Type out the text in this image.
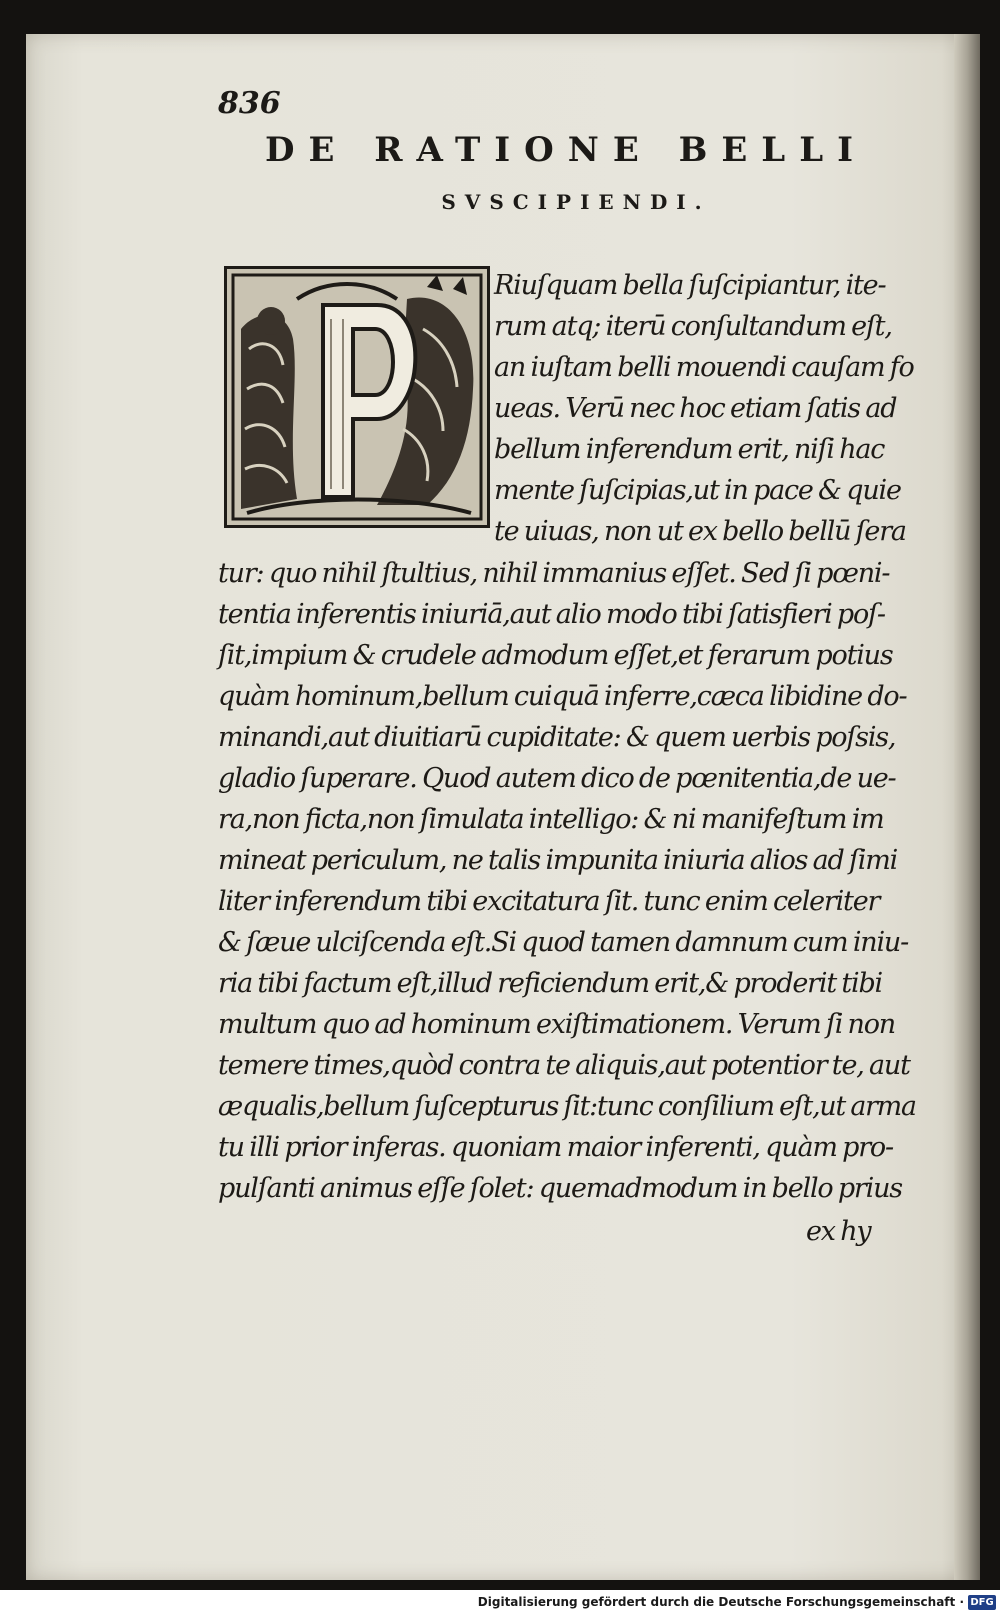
836

DE RATIONE BELLI
SVSCIPIENDI.
Riuſquam bella ſuſcipiantur, ite-
rum atq; iterū conſultandum eſt,
an iuſtam belli mouendi cauſam fo
ueas. Verū nec hoc etiam ſatis ad
bellum inferendum erit, niſi hac
mente ſuſcipias,ut in pace & quie
te uiuas, non ut ex bello bellū ſera
tur: quo nihil ſtultius, nihil immanius eſſet. Sed ſi pœni-
tentia inferentis iniuriā,aut alio modo tibi ſatisfieri poſ-
ſit,impium & crudele admodum eſſet,et ferarum potius
quàm hominum,bellum cuiquā inferre,cæca libidine do-
minandi,aut diuitiarū cupiditate: & quem uerbis poſsis,
gladio ſuperare. Quod autem dico de pœnitentia,de ue-
ra,non ficta,non ſimulata intelligo: & ni manifeſtum im
mineat periculum, ne talis impunita iniuria alios ad ſimi
liter inferendum tibi excitatura ſit. tunc enim celeriter
& ſæue ulciſcenda eſt.Si quod tamen damnum cum iniu-
ria tibi factum eſt,illud reficiendum erit,& proderit tibi
multum quo ad hominum exiſtimationem. Verum ſi non
temere times,quòd contra te aliquis,aut potentior te, aut
æqualis,bellum ſuſcepturus ſit:tunc conſilium eſt,ut arma
tu illi prior inferas. quoniam maior inferenti, quàm pro-
pulſanti animus eſſe ſolet: quemadmodum in bello prius
ex hy
Digitalisierung gefördert durch die Deutsche Forschungsgemeinschaft · DFG
